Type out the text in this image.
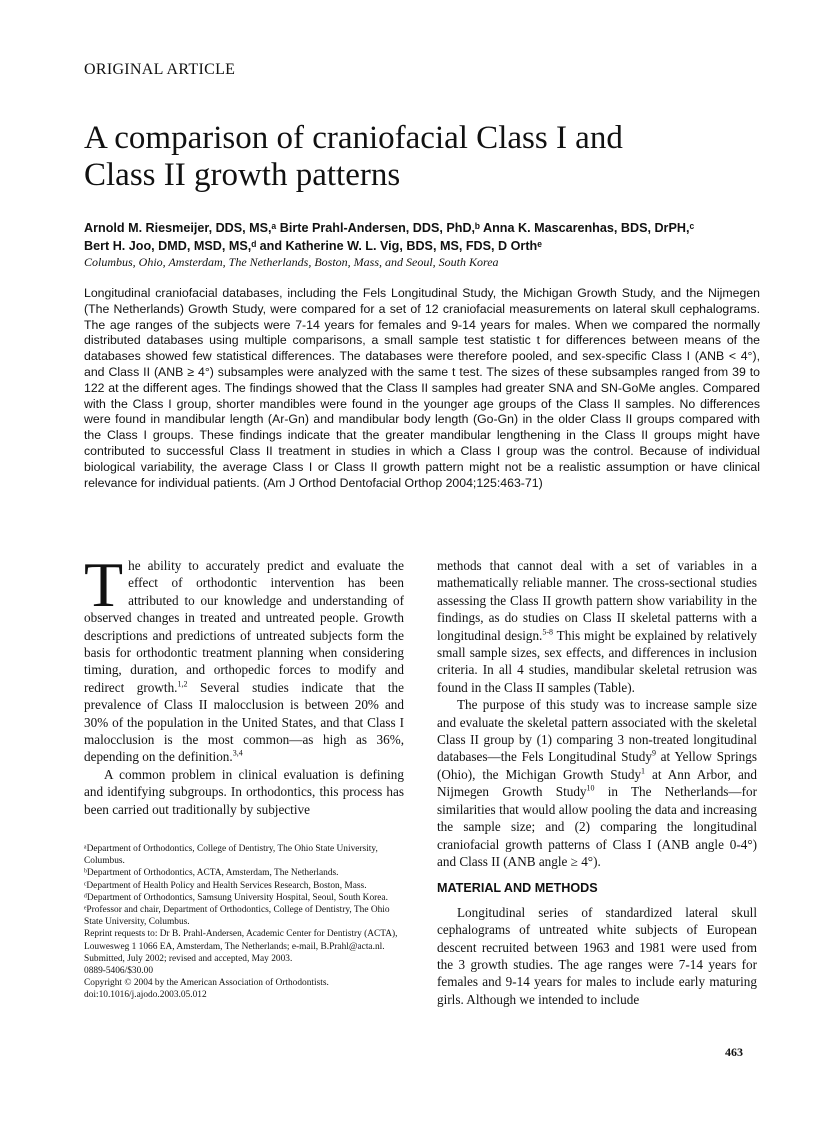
ORIGINAL ARTICLE
A comparison of craniofacial Class I and
Class II growth patterns
Arnold M. Riesmeijer, DDS, MS,ᵃ Birte Prahl-Andersen, DDS, PhD,ᵇ Anna K. Mascarenhas, BDS, DrPH,ᶜ
Bert H. Joo, DMD, MSD, MS,ᵈ and Katherine W. L. Vig, BDS, MS, FDS, D Orthᵉ
Columbus, Ohio, Amsterdam, The Netherlands, Boston, Mass, and Seoul, South Korea
Longitudinal craniofacial databases, including the Fels Longitudinal Study, the Michigan Growth Study, and the Nijmegen (The Netherlands) Growth Study, were compared for a set of 12 craniofacial measurements on lateral skull cephalograms. The age ranges of the subjects were 7-14 years for females and 9-14 years for males. When we compared the normally distributed databases using multiple comparisons, a small sample test statistic t for differences between means of the databases showed few statistical differences. The databases were therefore pooled, and sex-specific Class I (ANB < 4°), and Class II (ANB ≥ 4°) subsamples were analyzed with the same t test. The sizes of these subsamples ranged from 39 to 122 at the different ages. The findings showed that the Class II samples had greater SNA and SN-GoMe angles. Compared with the Class I group, shorter mandibles were found in the younger age groups of the Class II samples. No differences were found in mandibular length (Ar-Gn) and mandibular body length (Go-Gn) in the older Class II groups compared with the Class I groups. These findings indicate that the greater mandibular lengthening in the Class II groups might have contributed to successful Class II treatment in studies in which a Class I group was the control. Because of individual biological variability, the average Class I or Class II growth pattern might not be a realistic assumption or have clinical relevance for individual patients. (Am J Orthod Dentofacial Orthop 2004;125:463-71)

The ability to accurately predict and evaluate the effect of orthodontic intervention has been attributed to our knowledge and understanding of observed changes in treated and untreated people. Growth descriptions and predictions of untreated subjects form the basis for orthodontic treatment planning when considering timing, duration, and orthopedic forces to modify and redirect growth.$^{1,2}$ Several studies indicate that the prevalence of Class II malocclusion is between 20% and 30% of the population in the United States, and that Class I malocclusion is the most common—as high as 36%, depending on the definition.$^{3,4}$

A common problem in clinical evaluation is defining and identifying subgroups. In orthodontics, this process has been carried out traditionally by subjective

ᵃDepartment of Orthodontics, College of Dentistry, The Ohio State University, Columbus.
ᵇDepartment of Orthodontics, ACTA, Amsterdam, The Netherlands.
ᶜDepartment of Health Policy and Health Services Research, Boston, Mass.
ᵈDepartment of Orthodontics, Samsung University Hospital, Seoul, South Korea.
ᵉProfessor and chair, Department of Orthodontics, College of Dentistry, The Ohio State University, Columbus.
Reprint requests to: Dr B. Prahl-Andersen, Academic Center for Dentistry (ACTA), Louwesweg 1 1066 EA, Amsterdam, The Netherlands; e-mail, B.Prahl@acta.nl.
Submitted, July 2002; revised and accepted, May 2003.
0889-5406/$30.00
Copyright © 2004 by the American Association of Orthodontists.
doi:10.1016/j.ajodo.2003.05.012

methods that cannot deal with a set of variables in a mathematically reliable manner. The cross-sectional studies assessing the Class II growth pattern show variability in the findings, as do studies on Class II skeletal patterns with a longitudinal design.$^{5-8}$ This might be explained by relatively small sample sizes, sex effects, and differences in inclusion criteria. In all 4 studies, mandibular skeletal retrusion was found in the Class II samples (Table).

The purpose of this study was to increase sample size and evaluate the skeletal pattern associated with the skeletal Class II group by (1) comparing 3 non-treated longitudinal databases—the Fels Longitudinal Study$^9$ at Yellow Springs (Ohio), the Michigan Growth Study$^1$ at Ann Arbor, and Nijmegen Growth Study$^{10}$ in The Netherlands—for similarities that would allow pooling the data and increasing the sample size; and (2) comparing the longitudinal craniofacial growth patterns of Class I (ANB angle 0-4°) and Class II (ANB angle ≥ 4°).

MATERIAL AND METHODS

Longitudinal series of standardized lateral skull cephalograms of untreated white subjects of European descent recruited between 1963 and 1981 were used from the 3 growth studies. The age ranges were 7-14 years for females and 9-14 years for males to include early maturing girls. Although we intended to include

463
